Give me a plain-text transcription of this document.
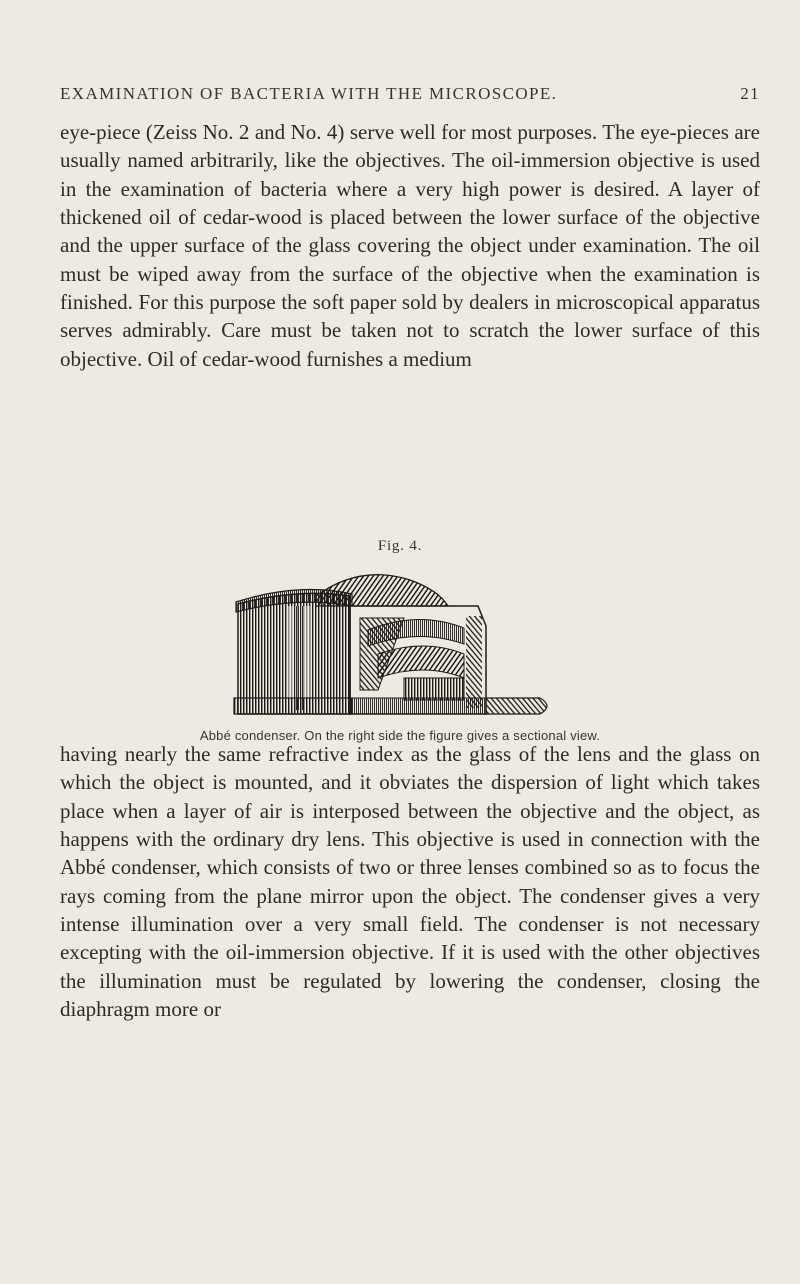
EXAMINATION OF BACTERIA WITH THE MICROSCOPE.	21

eye-piece (Zeiss No. 2 and No. 4) serve well for most purposes. The eye-pieces are usually named arbitrarily, like the objectives. The oil-immersion objective is used in the examination of bacteria where a very high power is desired. A layer of thickened oil of cedar-wood is placed between the lower surface of the objective and the upper surface of the glass covering the object under examination. The oil must be wiped away from the surface of the objective when the examination is finished. For this purpose the soft paper sold by dealers in microscopical apparatus serves admirably. Care must be taken not to scratch the lower surface of this objective. Oil of cedar-wood furnishes a medium

Fig. 4.
Abbé condenser. On the right side the figure gives a sectional view.

having nearly the same refractive index as the glass of the lens and the glass on which the object is mounted, and it obviates the dispersion of light which takes place when a layer of air is interposed between the objective and the object, as happens with the ordinary dry lens. This objective is used in connection with the Abbé condenser, which consists of two or three lenses combined so as to focus the rays coming from the plane mirror upon the object. The condenser gives a very intense illumination over a very small field. The condenser is not necessary excepting with the oil-immersion objective. If it is used with the other objectives the illumination must be regulated by lowering the condenser, closing the diaphragm more or
